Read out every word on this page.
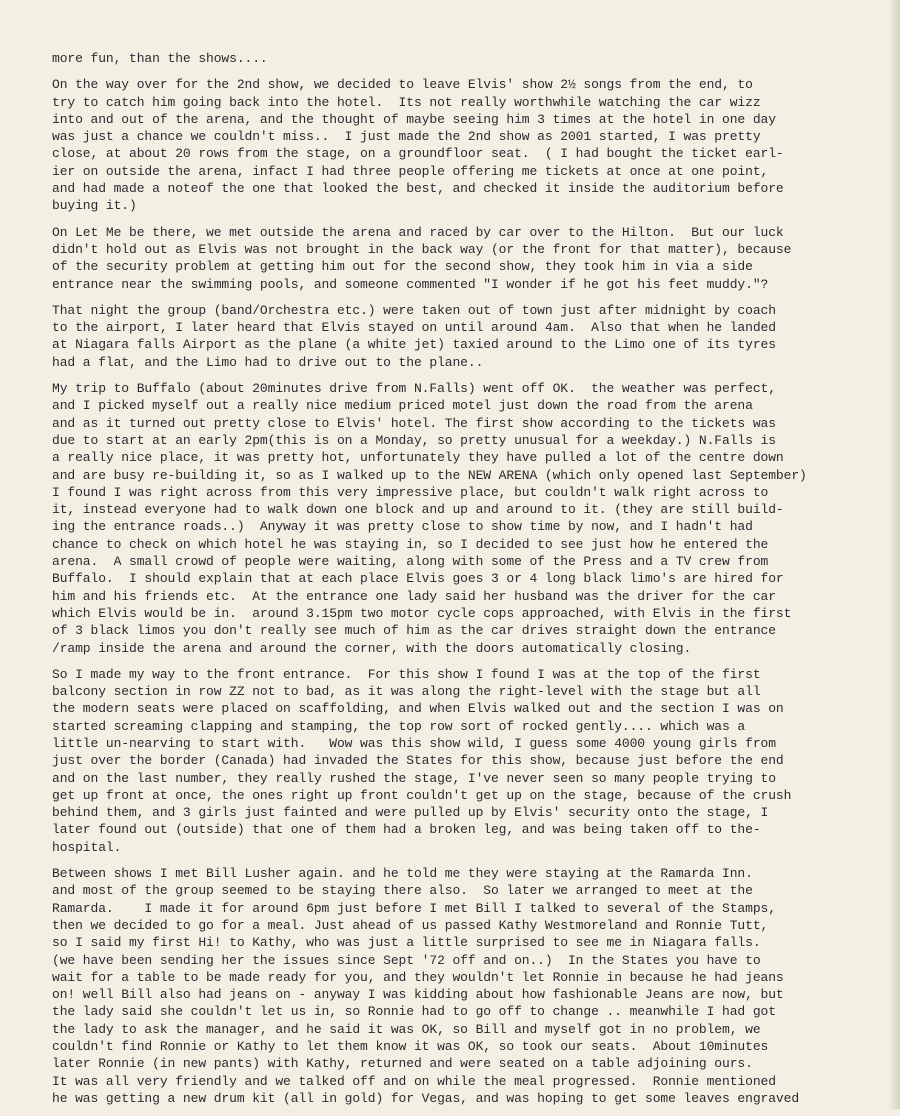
more fun, than the shows....

On the way over for the 2nd show, we decided to leave Elvis' show 2½ songs from the end, to
try to catch him going back into the hotel.  Its not really worthwhile watching the car wizz
into and out of the arena, and the thought of maybe seeing him 3 times at the hotel in one day
was just a chance we couldn't miss..  I just made the 2nd show as 2001 started, I was pretty
close, at about 20 rows from the stage, on a groundfloor seat.  ( I had bought the ticket earl-
ier on outside the arena, infact I had three people offering me tickets at once at one point,
and had made a noteof the one that looked the best, and checked it inside the auditorium before
buying it.)

On Let Me be there, we met outside the arena and raced by car over to the Hilton.  But our luck
didn't hold out as Elvis was not brought in the back way (or the front for that matter), because
of the security problem at getting him out for the second show, they took him in via a side
entrance near the swimming pools, and someone commented "I wonder if he got his feet muddy."?

That night the group (band/Orchestra etc.) were taken out of town just after midnight by coach
to the airport, I later heard that Elvis stayed on until around 4am.  Also that when he landed
at Niagara falls Airport as the plane (a white jet) taxied around to the Limo one of its tyres
had a flat, and the Limo had to drive out to the plane..

My trip to Buffalo (about 20minutes drive from N.Falls) went off OK.  the weather was perfect,
and I picked myself out a really nice medium priced motel just down the road from the arena
and as it turned out pretty close to Elvis' hotel. The first show according to the tickets was
due to start at an early 2pm(this is on a Monday, so pretty unusual for a weekday.) N.Falls is
a really nice place, it was pretty hot, unfortunately they have pulled a lot of the centre down
and are busy re-building it, so as I walked up to the NEW ARENA (which only opened last September)
I found I was right across from this very impressive place, but couldn't walk right across to
it, instead everyone had to walk down one block and up and around to it. (they are still build-
ing the entrance roads..)  Anyway it was pretty close to show time by now, and I hadn't had
chance to check on which hotel he was staying in, so I decided to see just how he entered the
arena.  A small crowd of people were waiting, along with some of the Press and a TV crew from
Buffalo.  I should explain that at each place Elvis goes 3 or 4 long black limo's are hired for
him and his friends etc.  At the entrance one lady said her husband was the driver for the car
which Elvis would be in.  around 3.15pm two motor cycle cops approached, with Elvis in the first
of 3 black limos you don't really see much of him as the car drives straight down the entrance
/ramp inside the arena and around the corner, with the doors automatically closing.

So I made my way to the front entrance.  For this show I found I was at the top of the first
balcony section in row ZZ not to bad, as it was along the right-level with the stage but all
the modern seats were placed on scaffolding, and when Elvis walked out and the section I was on
started screaming clapping and stamping, the top row sort of rocked gently.... which was a
little un-nearving to start with.   Wow was this show wild, I guess some 4000 young girls from
just over the border (Canada) had invaded the States for this show, because just before the end
and on the last number, they really rushed the stage, I've never seen so many people trying to
get up front at once, the ones right up front couldn't get up on the stage, because of the crush
behind them, and 3 girls just fainted and were pulled up by Elvis' security onto the stage, I
later found out (outside) that one of them had a broken leg, and was being taken off to the-
hospital.

Between shows I met Bill Lusher again. and he told me they were staying at the Ramarda Inn.
and most of the group seemed to be staying there also.  So later we arranged to meet at the
Ramarda.    I made it for around 6pm just before I met Bill I talked to several of the Stamps,
then we decided to go for a meal. Just ahead of us passed Kathy Westmoreland and Ronnie Tutt,
so I said my first Hi! to Kathy, who was just a little surprised to see me in Niagara falls.
(we have been sending her the issues since Sept '72 off and on..)  In the States you have to
wait for a table to be made ready for you, and they wouldn't let Ronnie in because he had jeans
on! well Bill also had jeans on - anyway I was kidding about how fashionable Jeans are now, but
the lady said she couldn't let us in, so Ronnie had to go off to change .. meanwhile I had got
the lady to ask the manager, and he said it was OK, so Bill and myself got in no problem, we
couldn't find Ronnie or Kathy to let them know it was OK, so took our seats.  About 10minutes
later Ronnie (in new pants) with Kathy, returned and were seated on a table adjoining ours.
It was all very friendly and we talked off and on while the meal progressed.  Ronnie mentioned
he was getting a new drum kit (all in gold) for Vegas, and was hoping to get some leaves engraved
